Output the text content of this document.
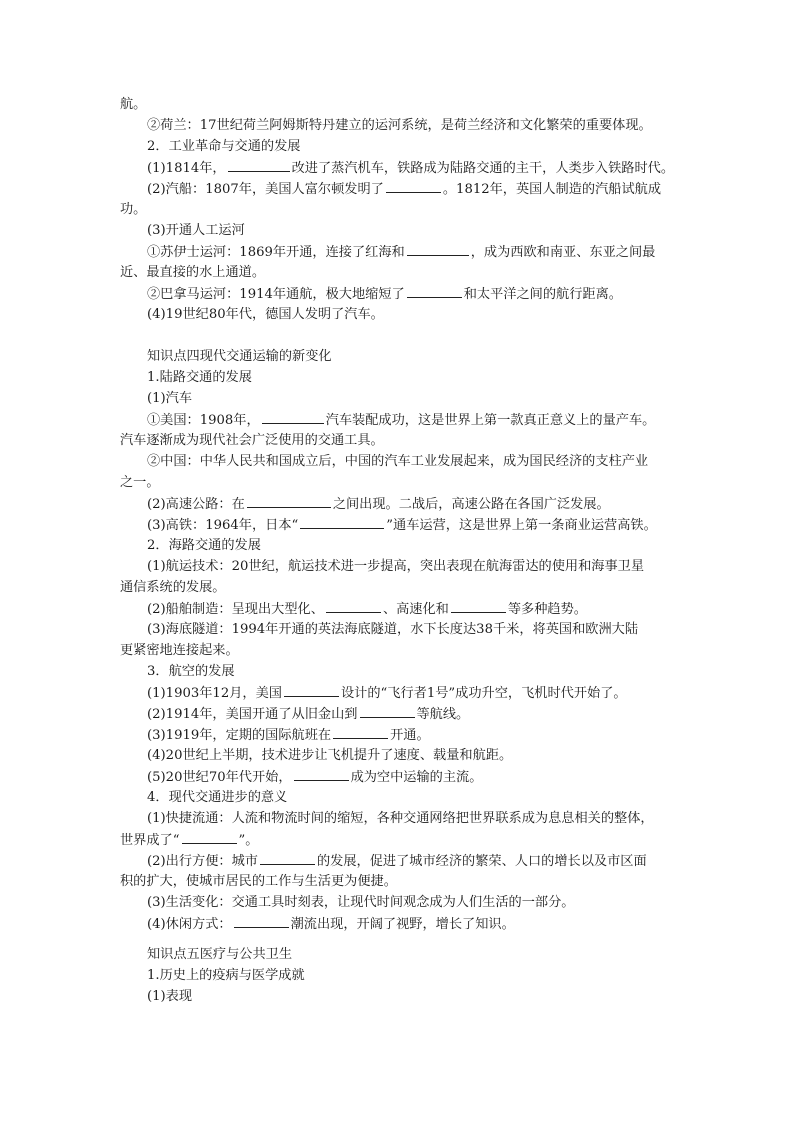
航。
②荷兰：17世纪荷兰阿姆斯特丹建立的运河系统，是荷兰经济和文化繁荣的重要体现。
2．工业革命与交通的发展
(1)1814年，	改进了蒸汽机车，铁路成为陆路交通的主干，人类步入铁路时代。
(2)汽船：1807年，美国人富尔顿发明了	。1812年，英国人制造的汽船试航成
功。
(3)开通人工运河
①苏伊士运河：1869年开通，连接了红海和	，成为西欧和南亚、东亚之间最
近、最直接的水上通道。
②巴拿马运河：1914年通航，极大地缩短了	和太平洋之间的航行距离。
(4)19世纪80年代，德国人发明了汽车。
知识点四现代交通运输的新变化
1.陆路交通的发展
(1)汽车
①美国：1908年，	汽车装配成功，这是世界上第一款真正意义上的量产车。
汽车逐渐成为现代社会广泛使用的交通工具。
②中国：中华人民共和国成立后，中国的汽车工业发展起来，成为国民经济的支柱产业
之一。
(2)高速公路：在	之间出现。二战后，高速公路在各国广泛发展。
(3)高铁：1964年，日本“	”通车运营，这是世界上第一条商业运营高铁。
2．海路交通的发展
(1)航运技术：20世纪，航运技术进一步提高，突出表现在航海雷达的使用和海事卫星
通信系统的发展。
(2)船舶制造：呈现出大型化、	、高速化和	等多种趋势。
(3)海底隧道：1994年开通的英法海底隧道，水下长度达38千米，将英国和欧洲大陆
更紧密地连接起来。
3．航空的发展
(1)1903年12月，美国	设计的“飞行者1号”成功升空，飞机时代开始了。
(2)1914年，美国开通了从旧金山到	等航线。
(3)1919年，定期的国际航班在	开通。
(4)20世纪上半期，技术进步让飞机提升了速度、载量和航距。
(5)20世纪70年代开始，	成为空中运输的主流。
4．现代交通进步的意义
(1)快捷流通：人流和物流时间的缩短，各种交通网络把世界联系成为息息相关的整体，
世界成了“	”。
(2)出行方便：城市	的发展，促进了城市经济的繁荣、人口的增长以及市区面
积的扩大，使城市居民的工作与生活更为便捷。
(3)生活变化：交通工具时刻表，让现代时间观念成为人们生活的一部分。
(4)休闲方式：	潮流出现，开阔了视野，增长了知识。
知识点五医疗与公共卫生
1.历史上的疫病与医学成就
(1)表现
